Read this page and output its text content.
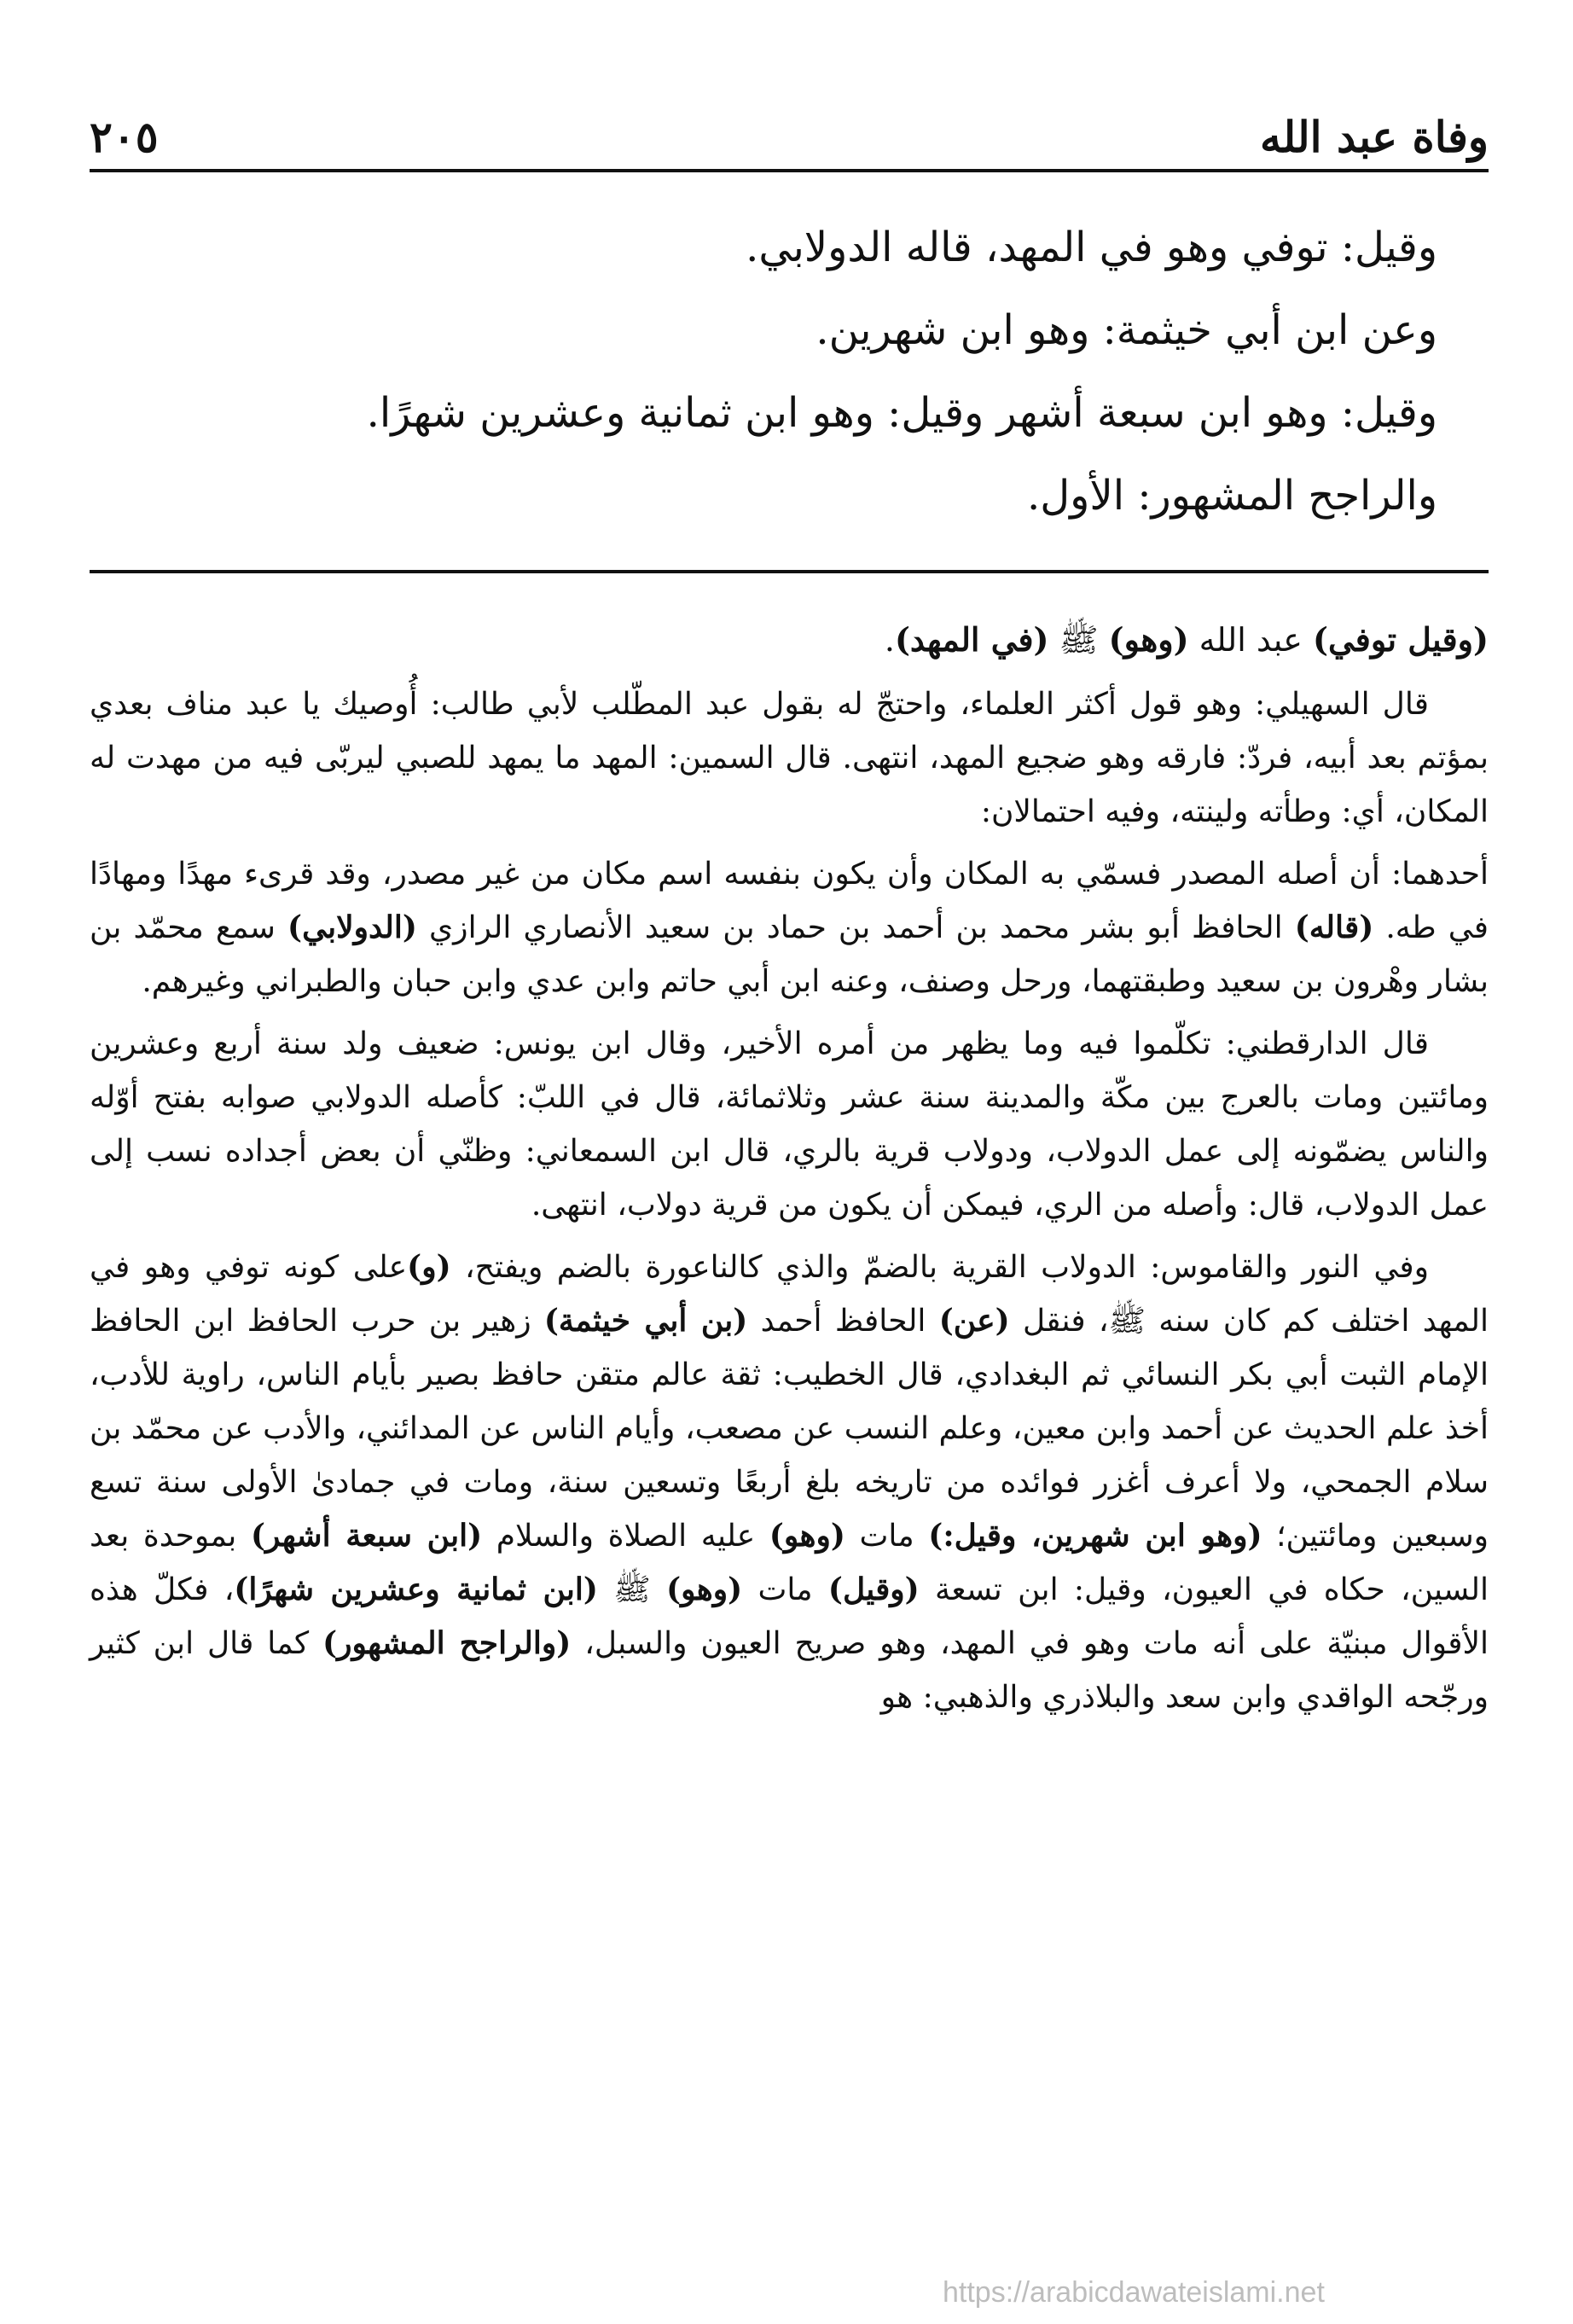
وفاة عبد الله
٢٠٥

وقيل: توفي وهو في المهد، قاله الدولابي.

وعن ابن أبي خيثمة: وهو ابن شهرين.

وقيل: وهو ابن سبعة أشهر وقيل: وهو ابن ثمانية وعشرين شهرًا.

والراجح المشهور: الأول.

(وقيل توفي) عبد الله (وهو) ﷺ (في المهد).

قال السهيلي: وهو قول أكثر العلماء، واحتجّ له بقول عبد المطّلب لأبي طالب: أُوصيك يا عبد مناف بعدي بمؤتم بعد أبيه، فردّ: فارقه وهو ضجيع المهد، انتهى. قال السمين: المهد ما يمهد للصبي ليربّى فيه من مهدت له المكان، أي: وطأته ولينته، وفيه احتمالان:

أحدهما: أن أصله المصدر فسمّي به المكان وأن يكون بنفسه اسم مكان من غير مصدر، وقد قرىء مهدًا ومهادًا في طه. (قاله) الحافظ أبو بشر محمد بن أحمد بن حماد بن سعيد الأنصاري الرازي (الدولابي) سمع محمّد بن بشار وهْرون بن سعيد وطبقتهما، ورحل وصنف، وعنه ابن أبي حاتم وابن عدي وابن حبان والطبراني وغيرهم.

قال الدارقطني: تكلّموا فيه وما يظهر من أمره الأخير، وقال ابن يونس: ضعيف ولد سنة أربع وعشرين ومائتين ومات بالعرج بين مكّة والمدينة سنة عشر وثلاثمائة، قال في اللبّ: كأصله الدولابي صوابه بفتح أوّله والناس يضمّونه إلى عمل الدولاب، ودولاب قرية بالري، قال ابن السمعاني: وظنّي أن بعض أجداده نسب إلى عمل الدولاب، قال: وأصله من الري، فيمكن أن يكون من قرية دولاب، انتهى.

وفي النور والقاموس: الدولاب القرية بالضمّ والذي كالناعورة بالضم ويفتح، (و)على كونه توفي وهو في المهد اختلف كم كان سنه ﷺ، فنقل (عن) الحافظ أحمد (بن أبي خيثمة) زهير بن حرب الحافظ ابن الحافظ الإمام الثبت أبي بكر النسائي ثم البغدادي، قال الخطيب: ثقة عالم متقن حافظ بصير بأيام الناس، راوية للأدب، أخذ علم الحديث عن أحمد وابن معين، وعلم النسب عن مصعب، وأيام الناس عن المدائني، والأدب عن محمّد بن سلام الجمحي، ولا أعرف أغزر فوائده من تاريخه بلغ أربعًا وتسعين سنة، ومات في جمادیٰ الأولى سنة تسع وسبعين ومائتين؛ (وهو ابن شهرين، وقيل:) مات (وهو) عليه الصلاة والسلام (ابن سبعة أشهر) بموحدة بعد السين، حكاه في العيون، وقيل: ابن تسعة (وقيل) مات (وهو) ﷺ (ابن ثمانية وعشرين شهرًا)، فكلّ هذه الأقوال مبنيّة على أنه مات وهو في المهد، وهو صريح العيون والسبل، (والراجح المشهور) كما قال ابن كثير ورجّحه الواقدي وابن سعد والبلاذري والذهبي: هو

https://arabicdawateislami.net
